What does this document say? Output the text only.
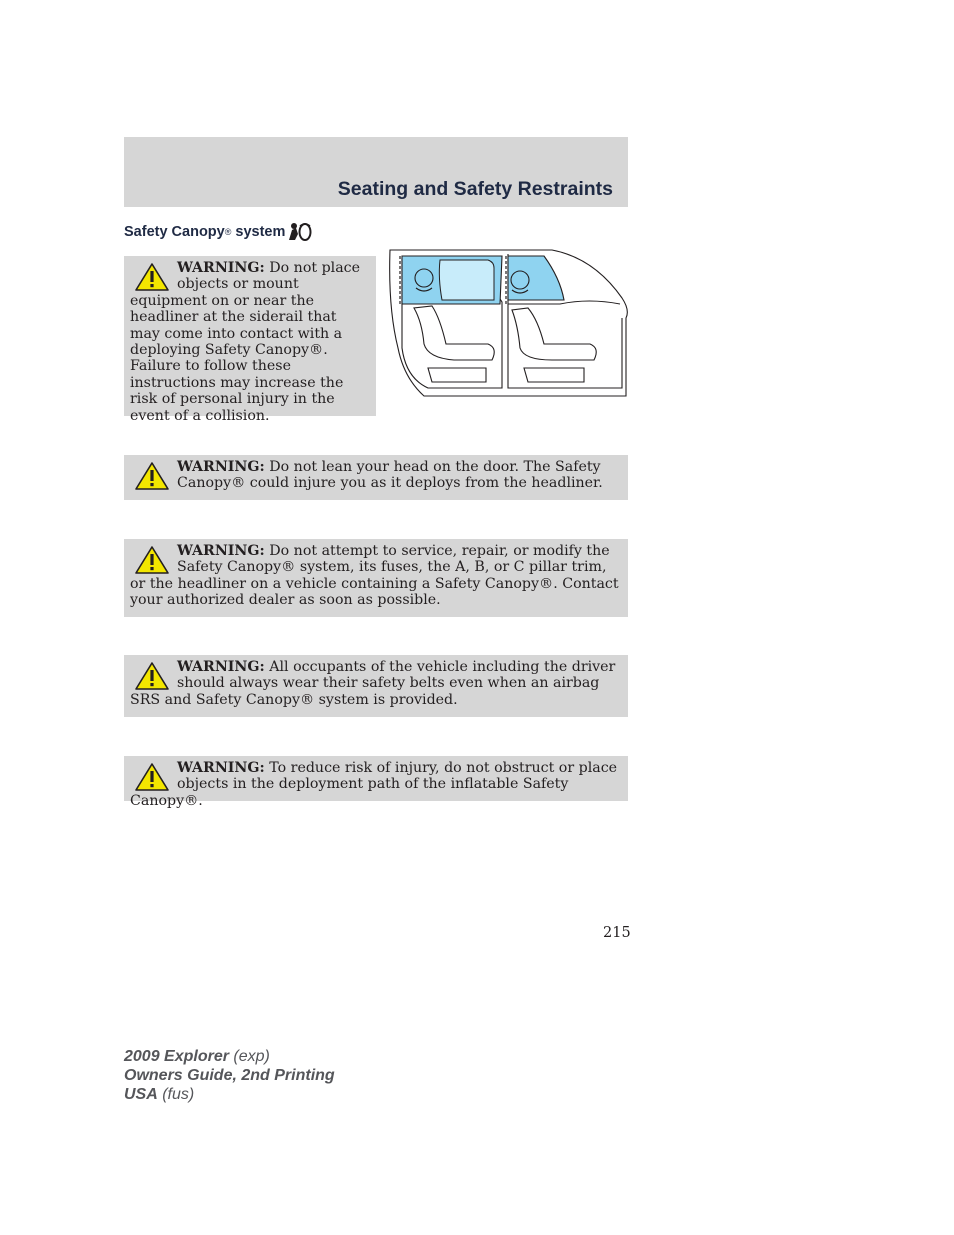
Seating and Safety Restraints
Safety Canopy ® system
WARNING: Do not place objects or mount equipment on or near the headliner at the siderail that may come into contact with a deploying Safety Canopy®. Failure to follow these instructions may increase the risk of personal injury in the event of a collision.
WARNING: Do not lean your head on the door. The Safety Canopy® could injure you as it deploys from the headliner.
WARNING: Do not attempt to service, repair, or modify the Safety Canopy® system, its fuses, the A, B, or C pillar trim, or the headliner on a vehicle containing a Safety Canopy®. Contact your authorized dealer as soon as possible.
WARNING: All occupants of the vehicle including the driver should always wear their safety belts even when an airbag SRS and Safety Canopy® system is provided.
WARNING: To reduce risk of injury, do not obstruct or place objects in the deployment path of the inflatable Safety Canopy®.
215
2009 Explorer (exp)
Owners Guide, 2nd Printing
USA (fus)
